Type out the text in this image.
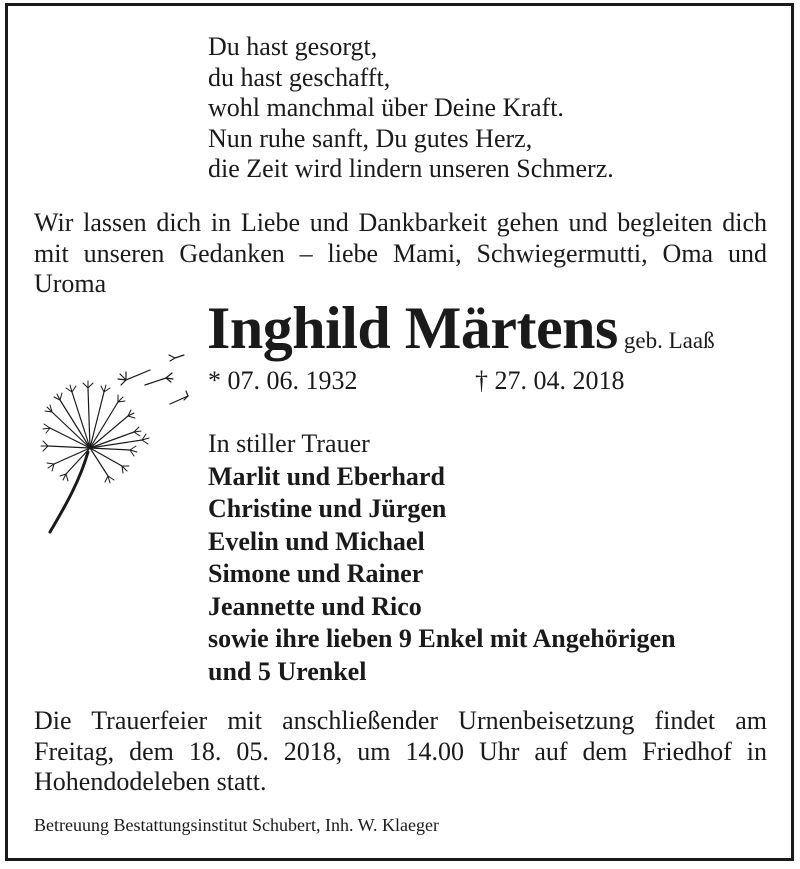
Du hast gesorgt,
du hast geschafft,
wohl manchmal über Deine Kraft.
Nun ruhe sanft, Du gutes Herz,
die Zeit wird lindern unseren Schmerz.
Wir lassen dich in Liebe und Dankbarkeit gehen und begleiten dich
mit unseren Gedanken – liebe Mami, Schwiegermutti, Oma und
Uroma
Inghild Märtens geb. Laaß
* 07. 06. 1932	† 27. 04. 2018
In stiller Trauer
Marlit und Eberhard
Christine und Jürgen
Evelin und Michael
Simone und Rainer
Jeannette und Rico
sowie ihre lieben 9 Enkel mit Angehörigen
und 5 Urenkel
Die Trauerfeier mit anschließender Urnenbeisetzung findet am
Freitag, dem 18. 05. 2018, um 14.00 Uhr auf dem Friedhof in
Hohendodeleben statt.
Betreuung Bestattungsinstitut Schubert, Inh. W. Klaeger
